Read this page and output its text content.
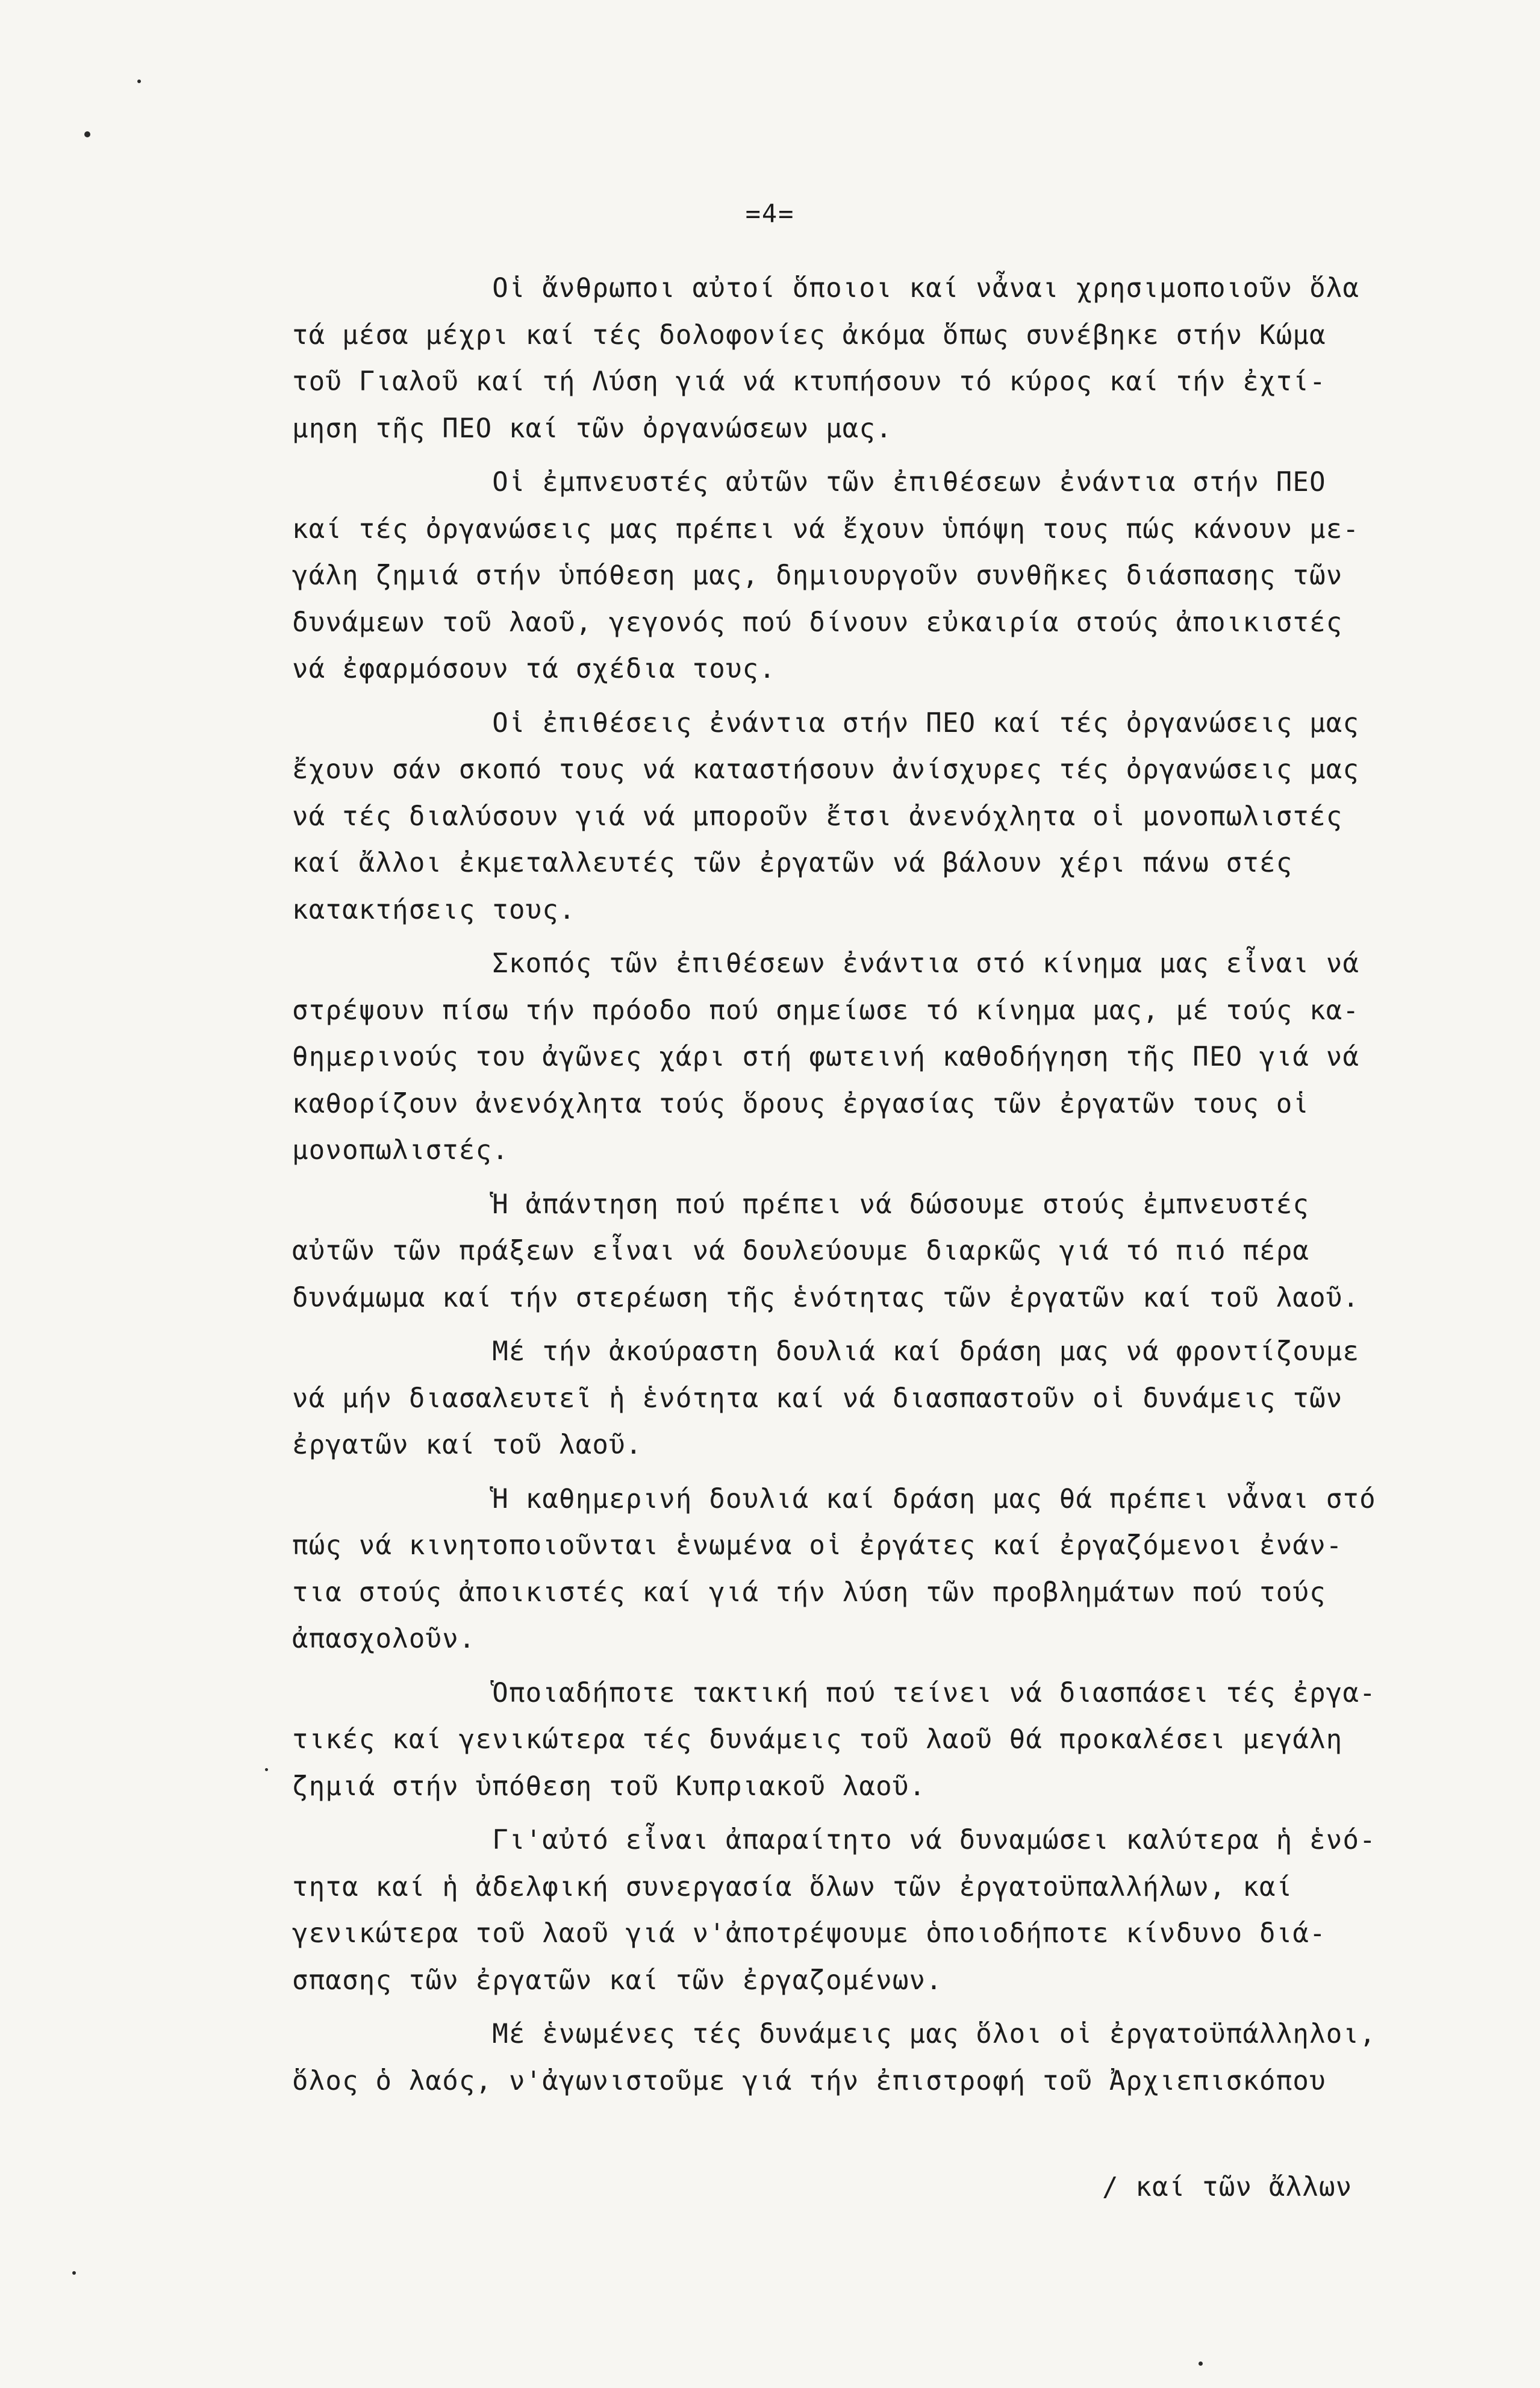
=4=
Οἱ ἄνθρωποι αὐτοί ὅποιοι καί νἆναι χρησιμοποιοῦν ὅλα
τά μέσα μέχρι καί τές δολοφονίες ἀκόμα ὅπως συνέβηκε στήν Κώμα
τοῦ Γιαλοῦ καί τή Λύση γιά νά κτυπήσουν τό κύρος καί τήν ἐχτί-
μηση τῆς ΠΕΟ καί τῶν ὀργανώσεων μας.
Οἱ ἐμπνευστές αὐτῶν τῶν ἐπιθέσεων ἐνάντια στήν ΠΕΟ
καί τές ὀργανώσεις μας πρέπει νά ἔχουν ὑπόψη τους πώς κάνουν με-
γάλη ζημιά στήν ὑπόθεση μας, δημιουργοῦν συνθῆκες διάσπασης τῶν
δυνάμεων τοῦ λαοῦ, γεγονός πού δίνουν εὐκαιρία στούς ἀποικιστές
νά ἐφαρμόσουν τά σχέδια τους.
Οἱ ἐπιθέσεις ἐνάντια στήν ΠΕΟ καί τές ὀργανώσεις μας
ἔχουν σάν σκοπό τους νά καταστήσουν ἀνίσχυρες τές ὀργανώσεις μας
νά τές διαλύσουν γιά νά μποροῦν ἔτσι ἀνενόχλητα οἱ μονοπωλιστές
καί ἄλλοι ἐκμεταλλευτές τῶν ἐργατῶν νά βάλουν χέρι πάνω στές
κατακτήσεις τους.
Σκοπός τῶν ἐπιθέσεων ἐνάντια στό κίνημα μας εἶναι νά
στρέψουν πίσω τήν πρόοδο πού σημείωσε τό κίνημα μας, μέ τούς κα-
θημερινούς του ἀγῶνες χάρι στή φωτεινή καθοδήγηση τῆς ΠΕΟ γιά νά
καθορίζουν ἀνενόχλητα τούς ὅρους ἐργασίας τῶν ἐργατῶν τους οἱ
μονοπωλιστές.
Ἡ ἀπάντηση πού πρέπει νά δώσουμε στούς ἐμπνευστές
αὐτῶν τῶν πράξεων εἶναι νά δουλεύουμε διαρκῶς γιά τό πιό πέρα
δυνάμωμα καί τήν στερέωση τῆς ἑνότητας τῶν ἐργατῶν καί τοῦ λαοῦ.
Μέ τήν ἀκούραστη δουλιά καί δράση μας νά φροντίζουμε
νά μήν διασαλευτεῖ ἡ ἑνότητα καί νά διασπαστοῦν οἱ δυνάμεις τῶν
ἐργατῶν καί τοῦ λαοῦ.
Ἡ καθημερινή δουλιά καί δράση μας θά πρέπει νἆναι στό
πώς νά κινητοποιοῦνται ἑνωμένα οἱ ἐργάτες καί ἐργαζόμενοι ἐνάν-
τια στούς ἀποικιστές καί γιά τήν λύση τῶν προβλημάτων πού τούς
ἀπασχολοῦν.
Ὁποιαδήποτε τακτική πού τείνει νά διασπάσει τές ἐργα-
τικές καί γενικώτερα τές δυνάμεις τοῦ λαοῦ θά προκαλέσει μεγάλη
ζημιά στήν ὑπόθεση τοῦ Κυπριακοῦ λαοῦ.
Γι'αὐτό εἶναι ἀπαραίτητο νά δυναμώσει καλύτερα ἡ ἑνό-
τητα καί ἡ ἀδελφική συνεργασία ὅλων τῶν ἐργατοϋπαλλήλων, καί
γενικώτερα τοῦ λαοῦ γιά ν'ἀποτρέψουμε ὁποιοδήποτε κίνδυνο διά-
σπασης τῶν ἐργατῶν καί τῶν ἐργαζομένων.
Μέ ἑνωμένες τές δυνάμεις μας ὅλοι οἱ ἐργατοϋπάλληλοι,
ὅλος ὁ λαός, ν'ἀγωνιστοῦμε γιά τήν ἐπιστροφή τοῦ Ἀρχιεπισκόπου
/ καί τῶν ἄλλων
